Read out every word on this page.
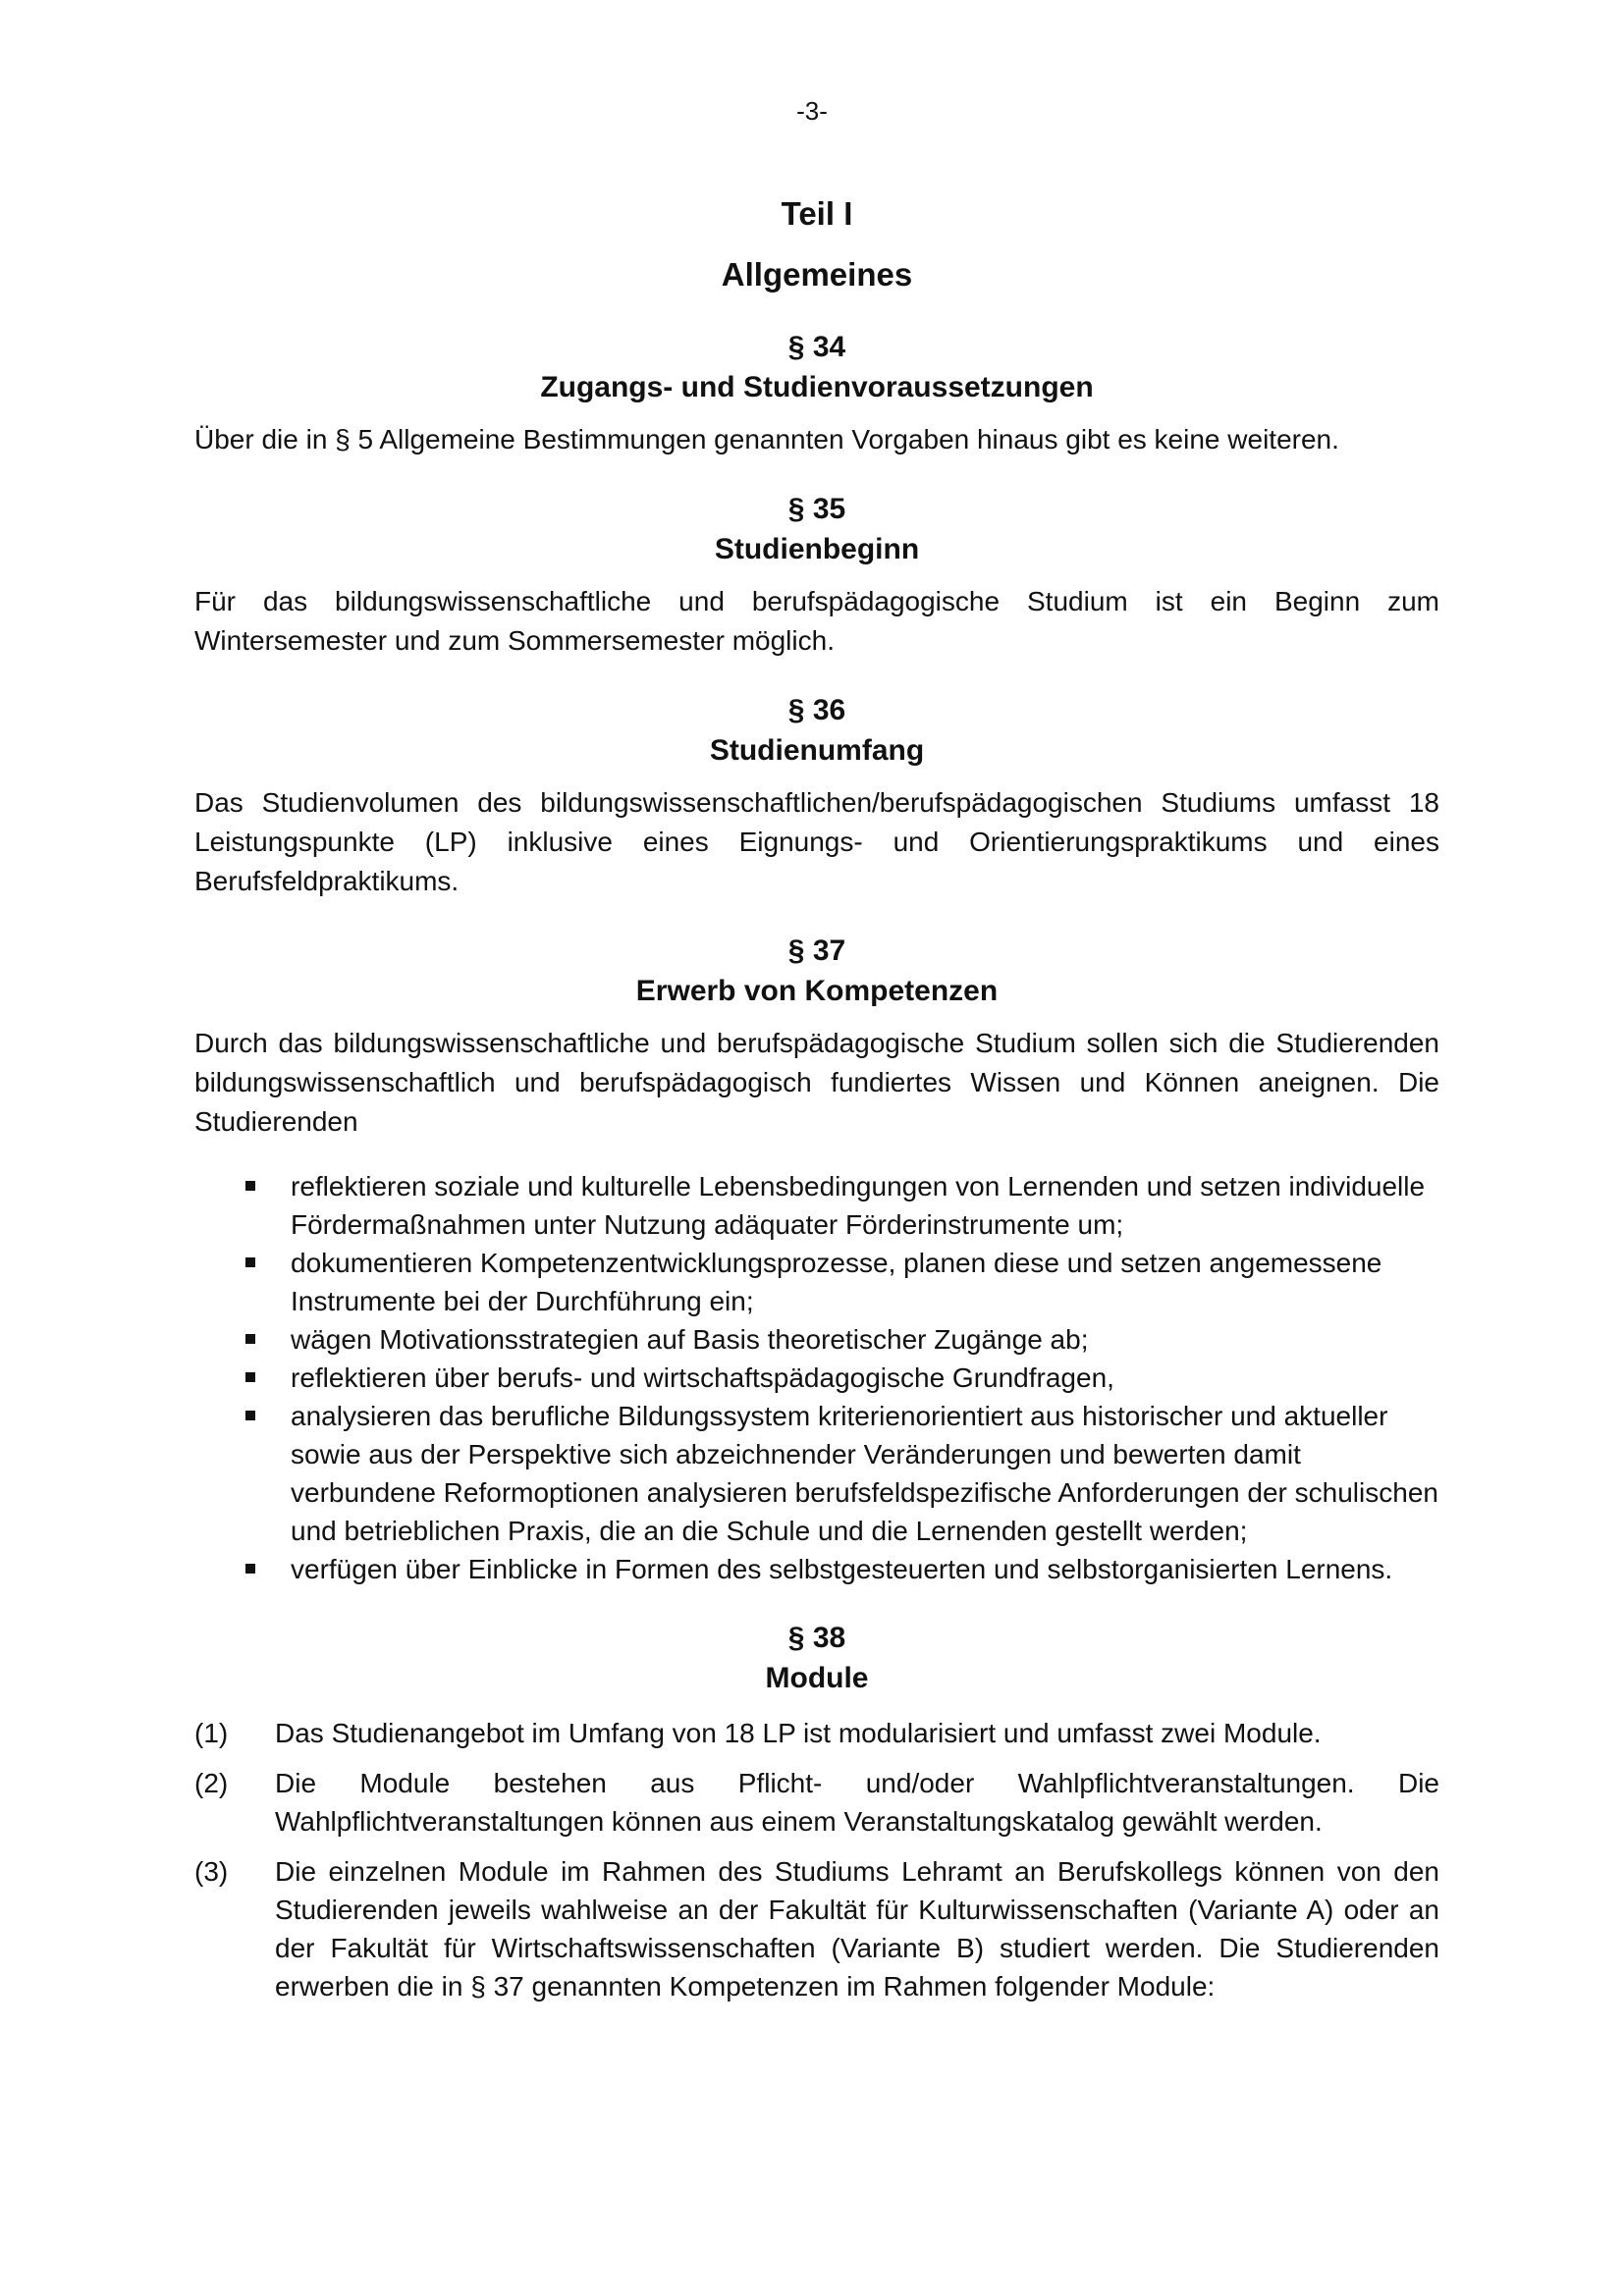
-3-
Teil I
Allgemeines
§ 34
Zugangs- und Studienvoraussetzungen

Über die in § 5 Allgemeine Bestimmungen genannten Vorgaben hinaus gibt es keine weiteren.

§ 35
Studienbeginn

Für das bildungswissenschaftliche und berufspädagogische Studium ist ein Beginn zum Wintersemester und zum Sommersemester möglich.

§ 36
Studienumfang

Das Studienvolumen des bildungswissenschaftlichen/berufspädagogischen Studiums umfasst 18 Leistungspunkte (LP) inklusive eines Eignungs- und Orientierungspraktikums und eines Berufsfeldpraktikums.

§ 37
Erwerb von Kompetenzen

Durch das bildungswissenschaftliche und berufspädagogische Studium sollen sich die Studierenden bildungswissenschaftlich und berufspädagogisch fundiertes Wissen und Können aneignen. Die Studierenden

reflektieren soziale und kulturelle Lebensbedingungen von Lernenden und setzen individuelle Fördermaßnahmen unter Nutzung adäquater Förderinstrumente um;
dokumentieren Kompetenzentwicklungsprozesse, planen diese und setzen angemessene Instrumente bei der Durchführung ein;
wägen Motivationsstrategien auf Basis theoretischer Zugänge ab;
reflektieren über berufs- und wirtschaftspädagogische Grundfragen,
analysieren das berufliche Bildungssystem kriterienorientiert aus historischer und aktueller sowie aus der Perspektive sich abzeichnender Veränderungen und bewerten damit verbundene Reformoptionen analysieren berufsfeldspezifische Anforderungen der schulischen und betrieblichen Praxis, die an die Schule und die Lernenden gestellt werden;
verfügen über Einblicke in Formen des selbstgesteuerten und selbstorganisierten Lernens.
§ 38
Module
(1) Das Studienangebot im Umfang von 18 LP ist modularisiert und umfasst zwei Module.
(2) Die Module bestehen aus Pflicht- und/oder Wahlpflichtveranstaltungen. Die Wahlpflichtveranstaltungen können aus einem Veranstaltungskatalog gewählt werden.
(3) Die einzelnen Module im Rahmen des Studiums Lehramt an Berufskollegs können von den Studierenden jeweils wahlweise an der Fakultät für Kulturwissenschaften (Variante A) oder an der Fakultät für Wirtschaftswissenschaften (Variante B) studiert werden. Die Studierenden erwerben die in § 37 genannten Kompetenzen im Rahmen folgender Module:
